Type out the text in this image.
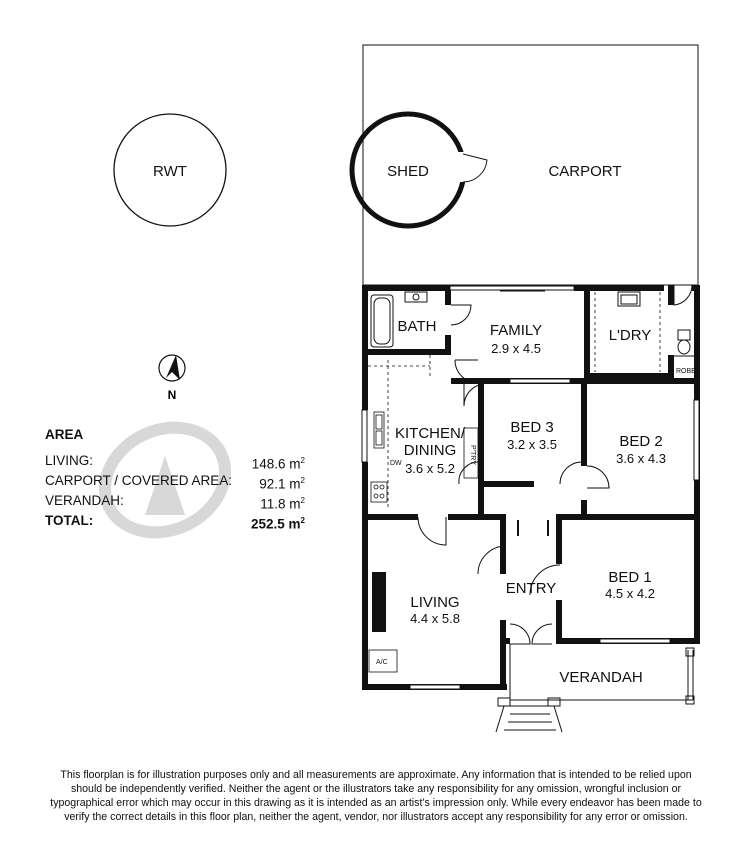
RWT	CARPORT
SHED
ROBE
DW	P'TRY
A/C
BATH	FAMILY
2.9 x 4.5
L'DRY
KITCHEN/
DINING
3.6 x 5.2
BED 3
3.2 x 3.5	BED 2
3.6 x 4.3
BED 1
4.5 x 4.2
LIVING
4.4 x 5.8
ENTRY
VERANDAH
N
AREA
LIVING:	148.6 $m^2$
CARPORT / COVERED AREA: 92.1 $m^2$
VERANDAH:	11.8 $m^2$
TOTAL:	252.5 $m^2$
This floorplan is for illustration purposes only and all measurements are approximate. Any information that is intended to be relied upon should be independently verified. Neither the agent or the illustrators take any responsibility for any omission, wrongful inclusion or typographical error which may occur in this drawing as it is intended as an artist’s impression only. While every endeavor has been made to verify the correct details in this floor plan, neither the agent, vendor, nor illustrators accept any responsibility for any error or omission.
